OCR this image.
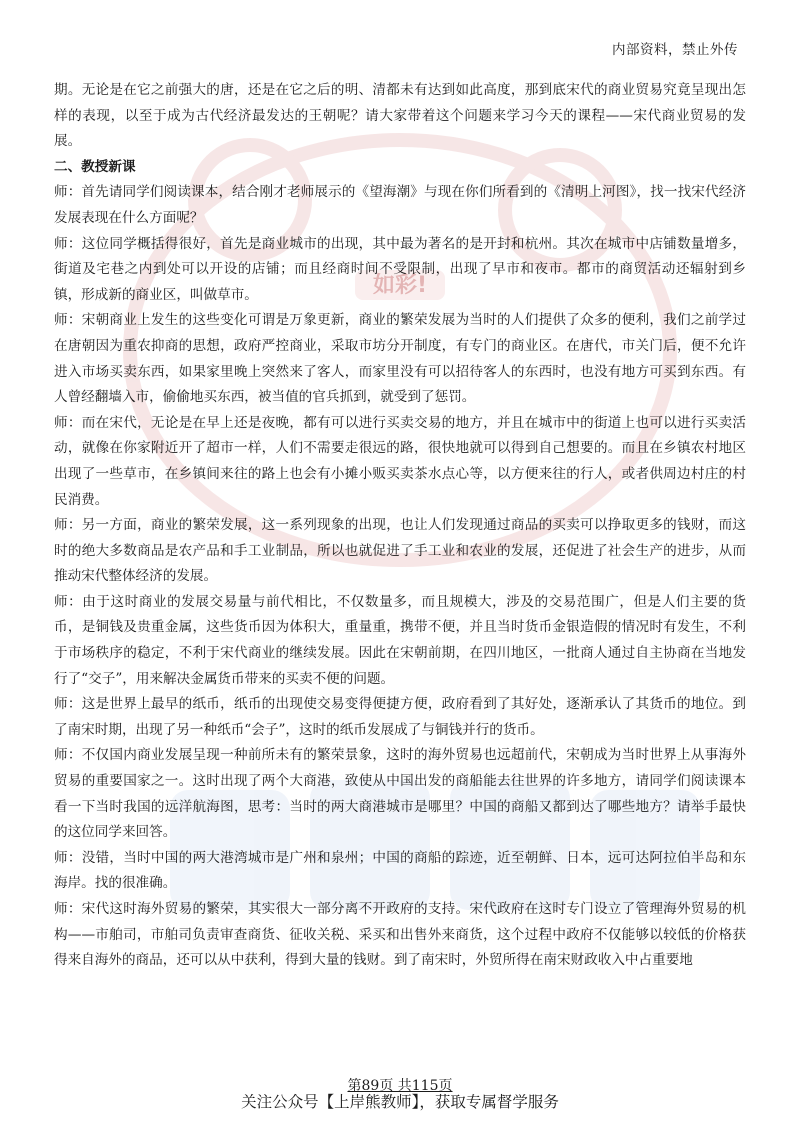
如彩!
内部资料，禁止外传

期。无论是在它之前强大的唐，还是在它之后的明、清都未有达到如此高度，那到底宋代的商业贸易究竟呈现出怎样的表现，以至于成为古代经济最发达的王朝呢？请大家带着这个问题来学习今天的课程——宋代商业贸易的发展。

二、教授新课

师：首先请同学们阅读课本，结合刚才老师展示的《望海潮》与现在你们所看到的《清明上河图》，找一找宋代经济发展表现在什么方面呢？

师：这位同学概括得很好，首先是商业城市的出现，其中最为著名的是开封和杭州。其次在城市中店铺数量增多，街道及宅巷之内到处可以开设的店铺；而且经商时间不受限制，出现了早市和夜市。都市的商贸活动还辐射到乡镇，形成新的商业区，叫做草市。

师：宋朝商业上发生的这些变化可谓是万象更新，商业的繁荣发展为当时的人们提供了众多的便利，我们之前学过在唐朝因为重农抑商的思想，政府严控商业，采取市坊分开制度，有专门的商业区。在唐代，市关门后，便不允许进入市场买卖东西，如果家里晚上突然来了客人，而家里没有可以招待客人的东西时，也没有地方可买到东西。有人曾经翻墙入市，偷偷地买东西，被当值的官兵抓到，就受到了惩罚。

师：而在宋代，无论是在早上还是夜晚，都有可以进行买卖交易的地方，并且在城市中的街道上也可以进行买卖活动，就像在你家附近开了超市一样，人们不需要走很远的路，很快地就可以得到自己想要的。而且在乡镇农村地区出现了一些草市，在乡镇间来往的路上也会有小摊小贩买卖茶水点心等，以方便来往的行人，或者供周边村庄的村民消费。

师：另一方面，商业的繁荣发展，这一系列现象的出现，也让人们发现通过商品的买卖可以挣取更多的钱财，而这时的绝大多数商品是农产品和手工业制品，所以也就促进了手工业和农业的发展，还促进了社会生产的进步，从而推动宋代整体经济的发展。

师：由于这时商业的发展交易量与前代相比，不仅数量多，而且规模大，涉及的交易范围广，但是人们主要的货币，是铜钱及贵重金属，这些货币因为体积大，重量重，携带不便，并且当时货币金银造假的情况时有发生，不利于市场秩序的稳定，不利于宋代商业的继续发展。因此在宋朝前期，在四川地区，一批商人通过自主协商在当地发行了“交子”，用来解决金属货币带来的买卖不便的问题。

师：这是世界上最早的纸币，纸币的出现使交易变得便捷方便，政府看到了其好处，逐渐承认了其货币的地位。到了南宋时期，出现了另一种纸币“会子”，这时的纸币发展成了与铜钱并行的货币。

师：不仅国内商业发展呈现一种前所未有的繁荣景象，这时的海外贸易也远超前代，宋朝成为当时世界上从事海外贸易的重要国家之一。这时出现了两个大商港，致使从中国出发的商船能去往世界的许多地方，请同学们阅读课本看一下当时我国的远洋航海图，思考：当时的两大商港城市是哪里？中国的商船又都到达了哪些地方？请举手最快的这位同学来回答。

师：没错，当时中国的两大港湾城市是广州和泉州；中国的商船的踪迹，近至朝鲜、日本，远可达阿拉伯半岛和东海岸。找的很准确。

师：宋代这时海外贸易的繁荣，其实很大一部分离不开政府的支持。宋代政府在这时专门设立了管理海外贸易的机构——市舶司，市舶司负责审查商货、征收关税、采买和出售外来商货，这个过程中政府不仅能够以较低的价格获得来自海外的商品，还可以从中获利，得到大量的钱财。到了南宋时，外贸所得在南宋财政收入中占重要地

第89页 共115页
关注公众号【上岸熊教师】，获取专属督学服务
